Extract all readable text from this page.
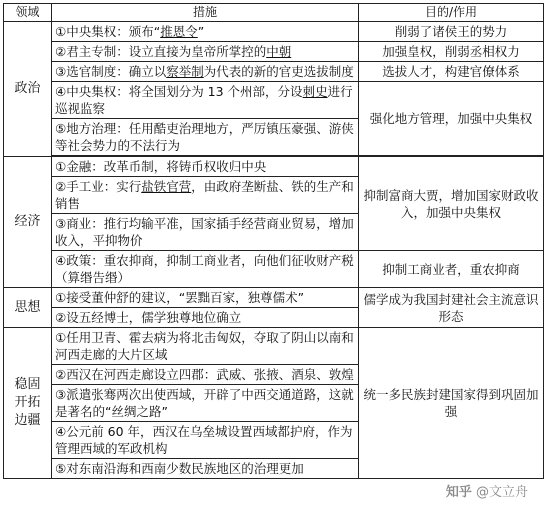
领域	措施	目的/作用
政治	①中央集权：颁布“推恩令”	削弱了诸侯王的势力
	②君主专制：设立直接为皇帝所掌控的中朝	加强皇权，削弱丞相权力
	③选官制度：确立以察举制为代表的新的官吏选拔制度	选拔人才，构建官僚体系
	④中央集权：将全国划分为 13 个州部，分设刺史进行巡视监察	强化地方管理，加强中央集权
	⑤地方治理：任用酷吏治理地方，严厉镇压豪强、游侠等社会势力的不法行为	

经济	①金融：改革币制，将铸币权收归中央	抑制富商大贾，增加国家财政收入，加强中央集权
	②手工业：实行盐铁官营，由政府垄断盐、铁的生产和销售	
	③商业：推行均输平准，国家插手经营商业贸易，增加收入，平抑物价	
	④政策：重农抑商，抑制工商业者，向他们征收财产税（算缗告缗）	抑制工商业者，重农抑商
思想	①接受董仲舒的建议，“罢黜百家，独尊儒术”	儒学成为我国封建社会主流意识形态
	②设五经博士，儒学独尊地位确立	
稳固开拓边疆	①任用卫青、霍去病为将北击匈奴，夺取了阴山以南和河西走廊的大片区域	统一多民族封建国家得到巩固加强
	②西汉在河西走廊设立四郡：武威、张掖、酒泉、敦煌	
	③派遣张骞两次出使西域，开辟了中西交通道路，这就是著名的“丝绸之路”	
	④公元前 60 年，西汉在乌垒城设置西域都护府，作为管理西域的军政机构	
	⑤对东南沿海和西南少数民族地区的治理更加	
知乎 @文立舟
